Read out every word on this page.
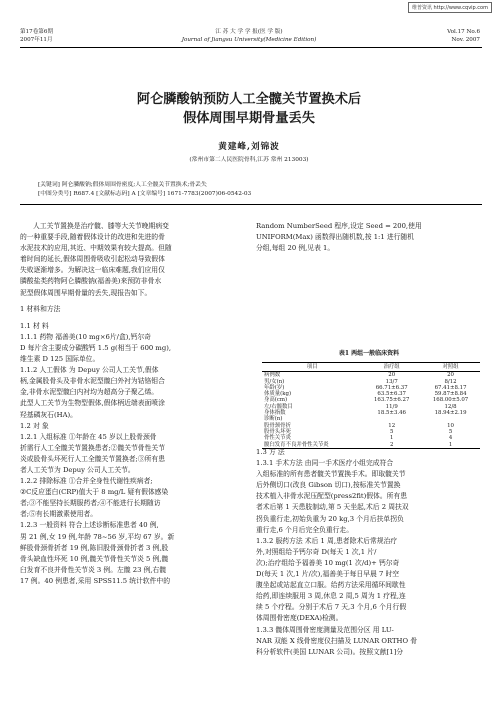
维普资讯 http://www.cqvip.com
第17卷第6期
2007年11月
江 苏 大 学 学 报(医 学 版)
Journal of Jiangsu University(Medicine Edition)
Vol.17 No.6
Nov. 2007
阿仑膦酸钠预防人工全髋关节置换术后
假体周围早期骨量丢失
黄建峰,刘锦波
(常州市第二人民医院骨科,江苏 常州 213003)
[关键词] 阿仑膦酸钠;假体周围骨密度;人工全髋关节置换术;骨丢失
[中图分类号] R687.4 [文献标志码] A [文章编号] 1671-7783(2007)06-0542-03
人工关节置换是治疗髋、膝等大关节晚期病变
的一种重要手段,随着假体设计的改进和先进的骨
水泥技术的应用,其近、中期效果有较大提高。但随
着时间的延长,假体周围骨吸收引起松动导致假体
失败逐渐增多。为解决这一临床难题,我们应用仅
膦酸盐类药物阿仑膦酸钠(福善美)来预防非骨水
泥型假体周围早期骨量的丢失,现报告如下。
1 材料和方法
1.1 材 料
1.1.1 药物 福善美(10 mg×6片/盒),钙尔奇
D 每片含主要成分碳酸钙 1.5 g(相当于 600 mg),
维生素 D 125 国际单位。
1.1.2 人工假体 为 Depuy 公司人工关节,假体
柄,金属股骨头及非骨水泥型髋臼外衬为钴铬钼合
金,非骨水泥型髋臼内衬均为超高分子聚乙烯。
此型人工关节为生物型假体,假体柄近端表面喷涂
羟基磷灰石(HA)。
1.2 对 象
1.2.1 入组标准 ①年龄在 45 岁以上股骨颈骨
折需行人工全髋关节置换患者;②髋关节骨性关节
炎或股骨头坏死行人工全髋关节置换者;③所有患
者人工关节为 Depuy 公司人工关节。
1.2.2 排除标准 ①合并全身性代谢性疾病者;
②C反应蛋白(CRP)值大于 8 mg/L 疑有假体感染
者;③不能坚持长期服药者;④不能进行长期随访
者;⑤有长期激素使用者。
1.2.3 一般资料 符合上述诊断标准患者 40 例,
男 21 例,女 19 例,年龄 78~56 岁,平均 67 岁。新
鲜股骨颈骨折者 19 例,陈旧股骨颈骨折者 3 例,股
骨头缺血性坏死 10 例,髋关节骨性关节炎 5 例,髋
臼发育不良并骨性关节炎 3 例。左髋 23 例,右髋
17 例。40 例患者,采用 SPSS11.5 统计软件中的
Random NumberSeed 程序,设定 Seed = 200,使用
UNIFORM(Max) 函数得出随机数,按 1:1 进行随机
分组,每组 20 例,见表 1。
表1 两组一般临床资料
项目	治疗组	对照组
病例数	20	20
男/女(n)	13/7	8/12
年龄(岁)	66.71±6.37	67.41±8.17
体质量(kg)	63.5±6.37	59.87±8.84
身高(cm)	163.75±6.27	168.00±5.07
左/右髋数目	11/9	12/8
身体指数	18.5±3.46	18.94±2.19
诊断(n)		
股骨颈骨折	12	10
股骨头坏死	5	5
骨性关节炎	1	4
髋臼发育不良并骨性关节炎	2	1
1.3 方 法
1.3.1 手术方法 由同一手术医疗小组完成符合
入组标准的所有患者髋关节置换手术。即取髋关节
后外侧切口(改良 Gibson 切口),按标准关节置换
技术植入非骨水泥压配型(press2fit)假体。所有患
者术后第 1 天患肢制动,第 5 天坐起,术后 2 周扶双
拐负重行走,初始负重为 20 kg,3 个月后扶单拐负
重行走,6 个月后完全负重行走。
1.3.2 服药方法 术后 1 周,患者除术后常规治疗
外,对照组给予钙尔奇 D(每天 1 次,1 片/
次);治疗组给予福善美 10 mg(1 次/d)+ 钙尔奇
D(每天 1 次,1 片/次),福善美于每日早晨 7 时空
腹坐起或站起直立口服。给药方法采用循环间歇性
给药,即连续服用 3 周,休息 2 周,5 周为 1 疗程,连
续 5 个疗程。分别于术后 7 天,3 个月,6 个月行假
体周围骨密度(DEXA)检测。
1.3.3 髋体周围骨密度测量及范围分区 用 LU-
NAR 双能 X 线骨密度仪扫描及 LUNAR ORTHO 骨
科分析软件(美国 LUNAR 公司)。按照文献[1]分
